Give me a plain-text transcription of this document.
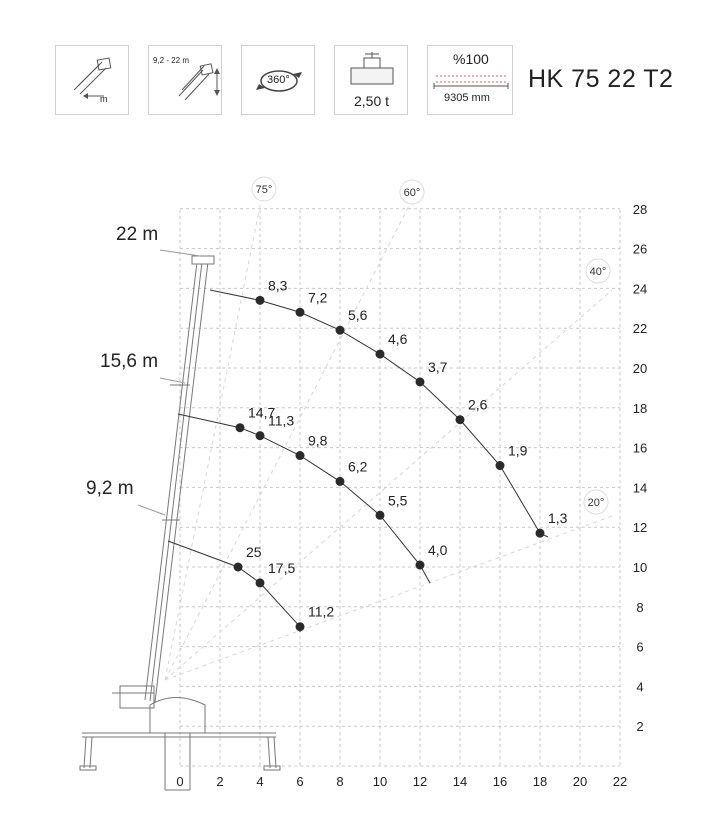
m
9,2 - 22 m
360°
2,50 t
%100
9305 mm
HK 75 22 T2
8,3
7,2
5,6
4,6
3,7
2,6
1,9
1,3
14,7
11,3
9,8
6,2
5,5
4,0
25
17,5
11,2
0	2	4	6	8 10 12 14 16 18 20 22
2
4
6
8
10
12
14
16
18
20
22
24
26
28
75°	60°
40°
20°
22 m
15,6 m
9,2 m
